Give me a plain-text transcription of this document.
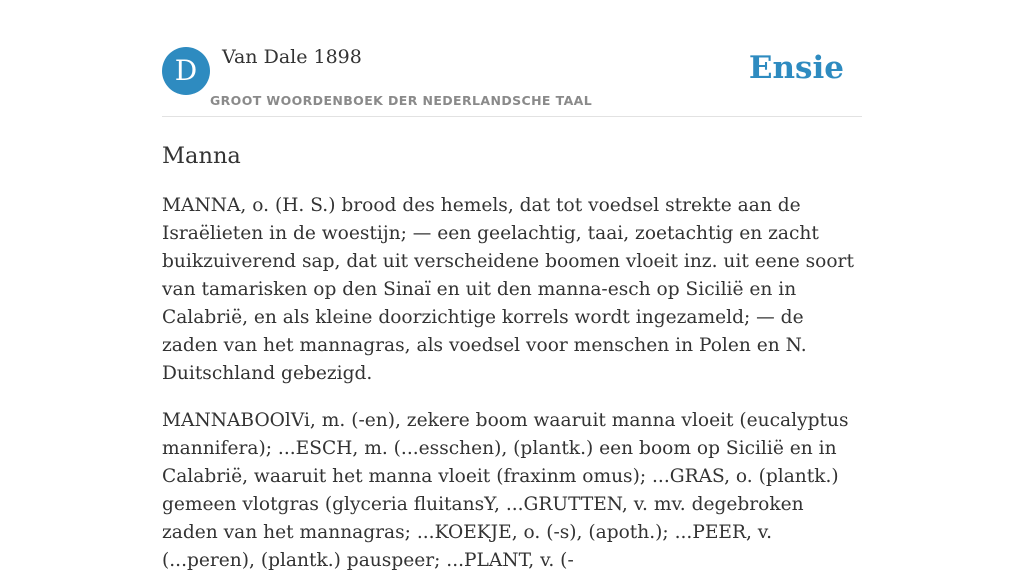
D	Van Dale 1898
GROOT WOORDENBOEK DER NEDERLANDSCHE TAAL
Ensie
Manna
MANNA, o. (H. S.) brood des hemels, dat tot voedsel strekte aan de Israëlieten in de woestijn; — een geelachtig, taai, zoetachtig en zacht buikzuiverend sap, dat uit verscheidene boomen vloeit inz. uit eene soort van tamarisken op den Sinaï en uit den manna-esch op Sicilië en in Calabrië, en als kleine doorzichtige korrels wordt ingezameld; — de zaden van het mannagras, als voedsel voor menschen in Polen en N. Duitschland gebezigd.
MANNABOOlVi, m. (-en), zekere boom waaruit manna vloeit (eucalyptus mannifera); ...ESCH, m. (...esschen), (plantk.) een boom op Sicilië en in Calabrië, waaruit het manna vloeit (fraxinm omus); ...GRAS, o. (plantk.) gemeen vlotgras (glyceria fluitansY, ...GRUTTEN, v. mv. degebroken zaden van het mannagras; ...KOEKJE, o. (-s), (apoth.); ...PEER, v. (...peren), (plantk.) pauspeer; ...PLANT, v. (-
